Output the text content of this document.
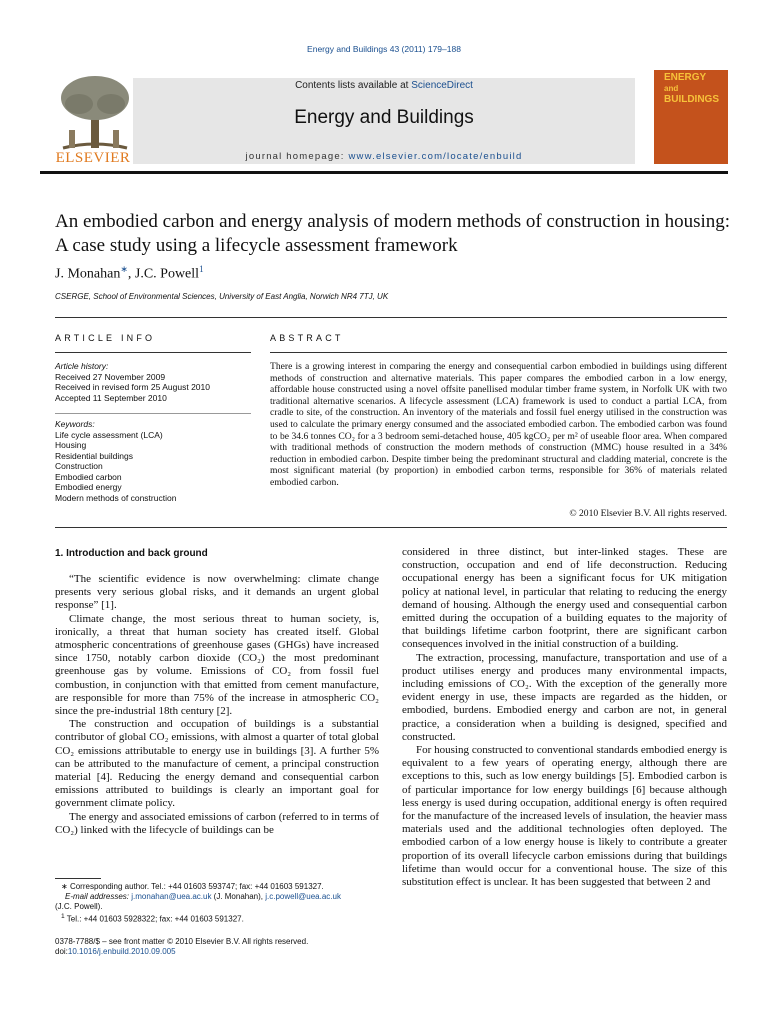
Energy and Buildings 43 (2011) 179–188
ELSEVIER
Contents lists available at ScienceDirect
Energy and Buildings
journal homepage: www.elsevier.com/locate/enbuild
ENERGY
and
BUILDINGS
An embodied carbon and energy analysis of modern methods of construction in housing: A case study using a lifecycle assessment framework
J. Monahan∗, J.C. Powell$^1$
CSERGE, School of Environmental Sciences, University of East Anglia, Norwich NR4 7TJ, UK
ARTICLE INFO	ABSTRACT
Article history:
Received 27 November 2009
Received in revised form 25 August 2010
Accepted 11 September 2010
Keywords:
Life cycle assessment (LCA)
Housing
Residential buildings
Construction
Embodied carbon
Embodied energy
Modern methods of construction
There is a growing interest in comparing the energy and consequential carbon embodied in buildings using different methods of construction and alternative materials. This paper compares the embodied carbon in a low energy, affordable house constructed using a novel offsite panellised modular timber frame system, in Norfolk UK with two traditional alternative scenarios. A lifecycle assessment (LCA) framework is used to conduct a partial LCA, from cradle to site, of the construction. An inventory of the materials and fossil fuel energy utilised in the construction was used to calculate the primary energy consumed and the associated embodied carbon. The embodied carbon was found to be 34.6 tonnes CO₂ for a 3 bedroom semi-detached house, 405 kgCO₂ per m² of useable floor area. When compared with traditional methods of construction the modern methods of construction (MMC) house resulted in a 34% reduction in embodied carbon. Despite timber being the predominant structural and cladding material, concrete is the most significant material (by proportion) in embodied carbon terms, responsible for 36% of materials related embodied carbon.
© 2010 Elsevier B.V. All rights reserved.
1. Introduction and back ground

“The scientific evidence is now overwhelming: climate change presents very serious global risks, and it demands an urgent global response” [1].

Climate change, the most serious threat to human society, is, ironically, a threat that human society has created itself. Global atmospheric concentrations of greenhouse gases (GHGs) have increased since 1750, notably carbon dioxide (CO₂) the most predominant greenhouse gas by volume. Emissions of CO₂ from fossil fuel combustion, in conjunction with that emitted from cement manufacture, are responsible for more than 75% of the increase in atmospheric CO₂ since the pre-industrial 18th century [2].

The construction and occupation of buildings is a substantial contributor of global CO₂ emissions, with almost a quarter of total global CO₂ emissions attributable to energy use in buildings [3]. A further 5% can be attributed to the manufacture of cement, a principal construction material [4]. Reducing the energy demand and consequential carbon emissions attributed to buildings is clearly an important goal for government climate policy.

The energy and associated emissions of carbon (referred to in terms of CO₂) linked with the lifecycle of buildings can be

considered in three distinct, but inter-linked stages. These are construction, occupation and end of life deconstruction. Reducing occupational energy has been a significant focus for UK mitigation policy at national level, in particular that relating to reducing the energy demand of housing. Although the energy used and consequential carbon emitted during the occupation of a building equates to the majority of that buildings lifetime carbon footprint, there are significant carbon consequences involved in the initial construction of a building.

The extraction, processing, manufacture, transportation and use of a product utilises energy and produces many environmental impacts, including emissions of CO₂. With the exception of the generally more evident energy in use, these impacts are regarded as the hidden, or embodied, burdens. Embodied energy and carbon are not, in general practice, a consideration when a building is designed, specified and constructed.

For housing constructed to conventional standards embodied energy is equivalent to a few years of operating energy, although there are exceptions to this, such as low energy buildings [5]. Embodied carbon is of particular importance for low energy buildings [6] because although less energy is used during occupation, additional energy is often required for the manufacture of the increased levels of insulation, the heavier mass materials used and the additional technologies often deployed. The embodied carbon of a low energy house is likely to contribute a greater proportion of its overall lifecycle carbon emissions during that buildings lifetime than would occur for a conventional house. The size of this substitution effect is unclear. It has been suggested that between 2 and

∗ Corresponding author. Tel.: +44 01603 593747; fax: +44 01603 591327.
E-mail addresses: j.monahan@uea.ac.uk (J. Monahan), j.c.powell@uea.ac.uk
(J.C. Powell).
$^1$ Tel.: +44 01603 5928322; fax: +44 01603 591327.
0378-7788/$ – see front matter © 2010 Elsevier B.V. All rights reserved.
doi:10.1016/j.enbuild.2010.09.005
